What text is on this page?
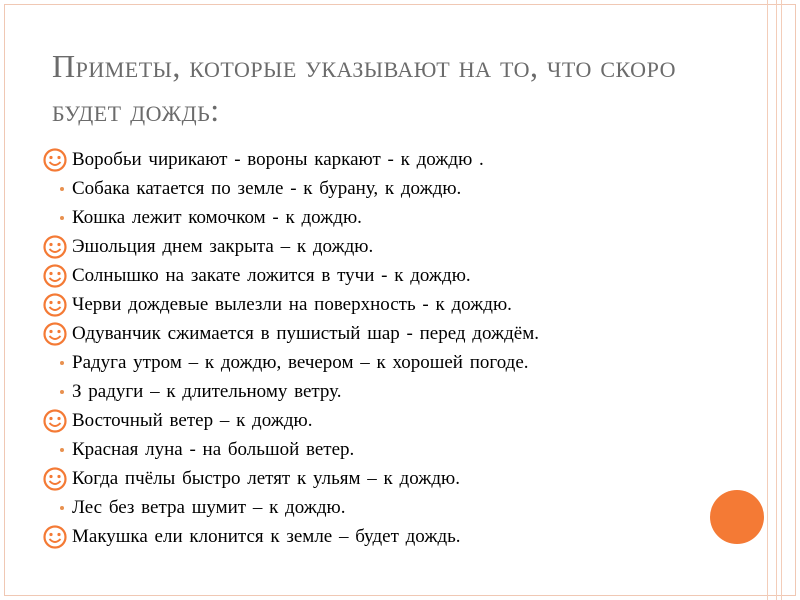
Приметы, которые указывают на то, что скоро будет дождь:
Воробьи чирикают - вороны каркают - к дождю .
Собака катается по земле - к бурану, к дождю.
Кошка лежит комочком - к дождю.
Эшольция днем закрыта – к дождю.
Солнышко на закате ложится в тучи - к дождю.
Черви дождевые вылезли на поверхность - к дождю.
Одуванчик сжимается в пушистый шар - перед дождём.
Радуга утром – к дождю, вечером – к хорошей погоде.
З радуги – к длительному ветру.
Восточный ветер – к дождю.
Красная луна - на большой ветер.
Когда пчёлы быстро летят к ульям – к дождю.
Лес без ветра шумит – к дождю.
Макушка ели клонится к земле – будет дождь.
